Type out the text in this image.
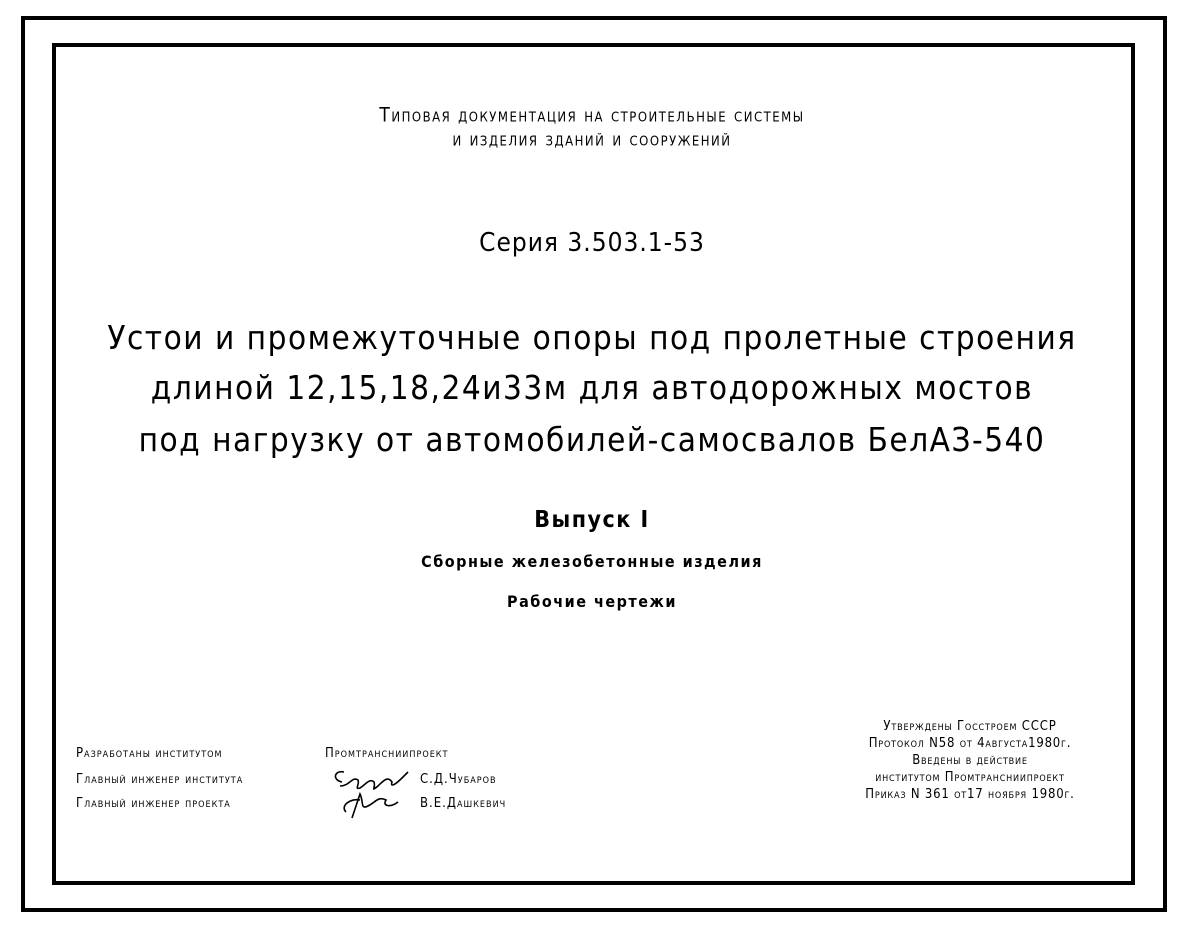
Типовая документация на строительные системы
и изделия зданий и сооружений
Серия 3.503.1-53
Устои и промежуточные опоры под пролетные строения
длиной 12,15,18,24и33м для автодорожных мостов
под нагрузку от автомобилей-самосвалов БелАЗ-540
Выпуск I
Сборные железобетонные изделия
Рабочие чертежи
Разработаны институтом	Промтрансниипроект
Главный инженер института	С.Д.Чубаров
Главный инженер проекта	В.Е.Дашкевич
Утверждены Госстроем СССР
Протокол N58 от 4августа1980г.
Введены в действие
институтом Промтрансниипроект
Приказ N 361 от17 ноября 1980г.
